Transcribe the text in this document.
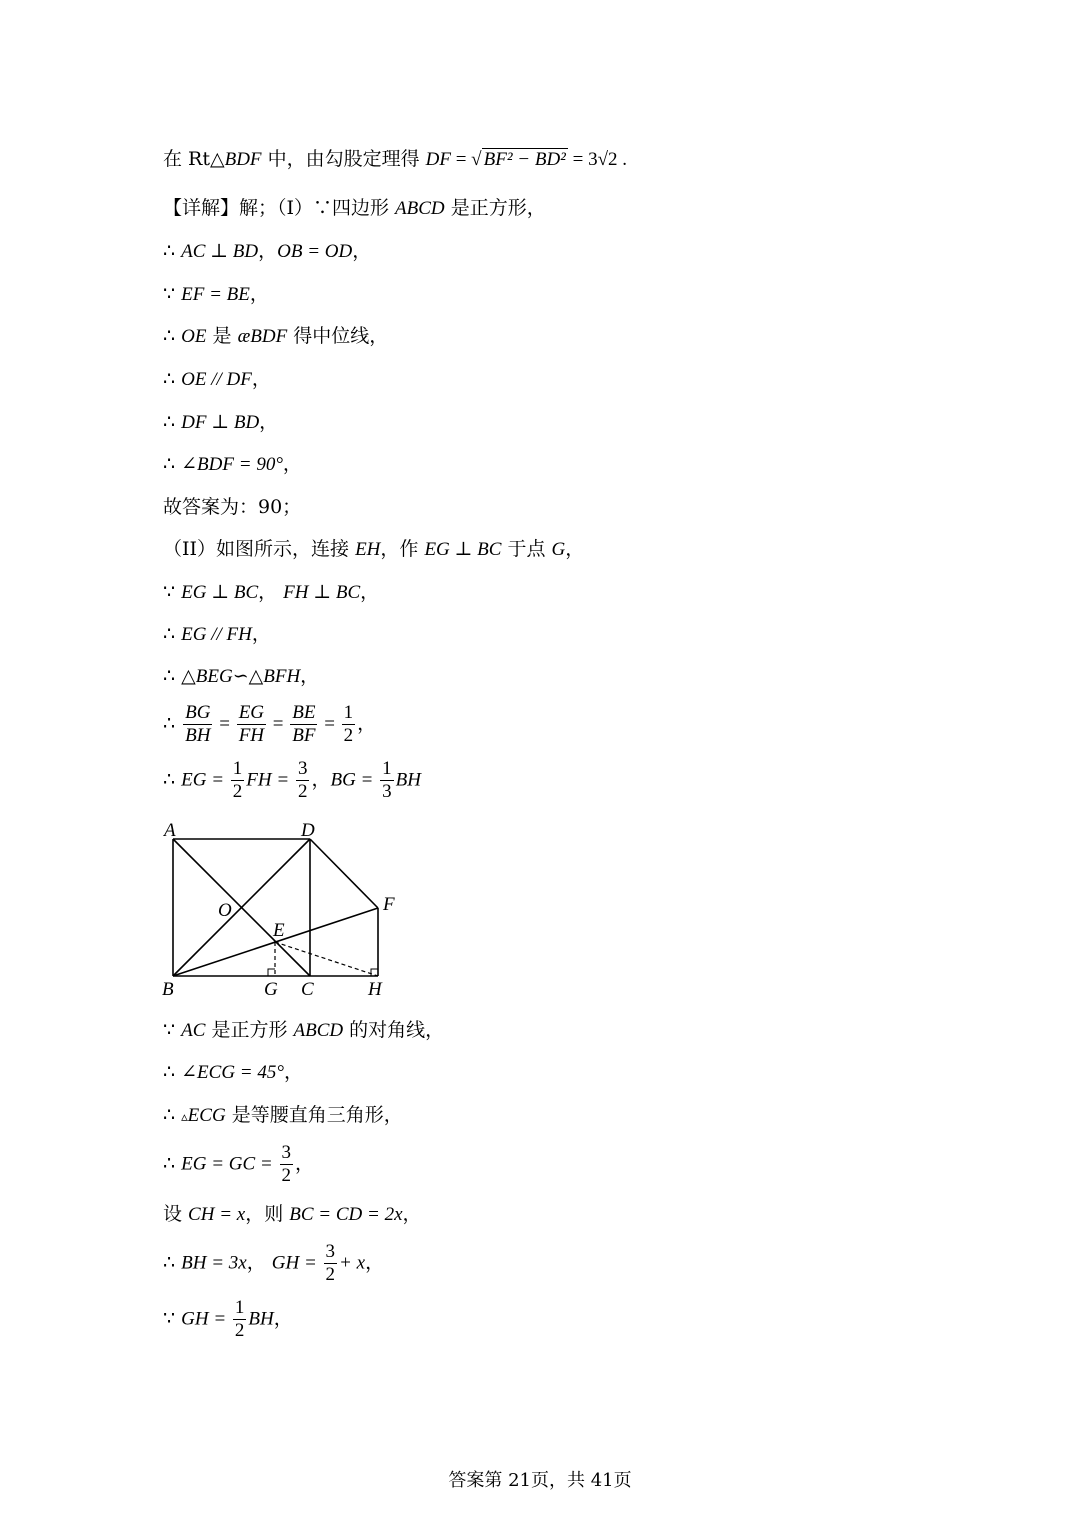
在 Rt△BDF 中，由勾股定理得 DF = √ BF² − BD² = 3√2 .
【详解】解；（I）∵四边形 ABCD 是正方形，
∴ AC ⊥ BD，OB = OD，
∵ EF = BE，
∴ OE 是 æBDF 得中位线，
∴ OE // DF，
∴ DF ⊥ BD，
∴ ∠BDF = 90°，
故答案为：90；
（II）如图所示，连接 EH，作 EG ⊥ BC 于点 G，
∵ EG ⊥ BC， FH ⊥ BC，
∴ EG // FH，
∴ △BEG∽△BFH，
∴ $\frac{BG}{BH} = \frac{EG}{FH} = \frac{BE}{BF} = \frac{1}{2}$ ，
∴ EG = $\frac{1}{2}$ FH = $\frac{3}{2}$ ，BG = $\frac{1}{3}$ BH
A	D
O	F
E
B	G C	H
∵ AC 是正方形 ABCD 的对角线，
∴ ∠ECG = 45°，
∴ ▵ECG 是等腰直角三角形，
∴ EG = GC = $\frac{3}{2}$ ，
设 CH = x，则 BC = CD = 2x，
∴ BH = 3x， GH = $\frac{3}{2} + x$，
∵ GH = $\frac{1}{2}$ BH，
答案第 21页，共 41页
